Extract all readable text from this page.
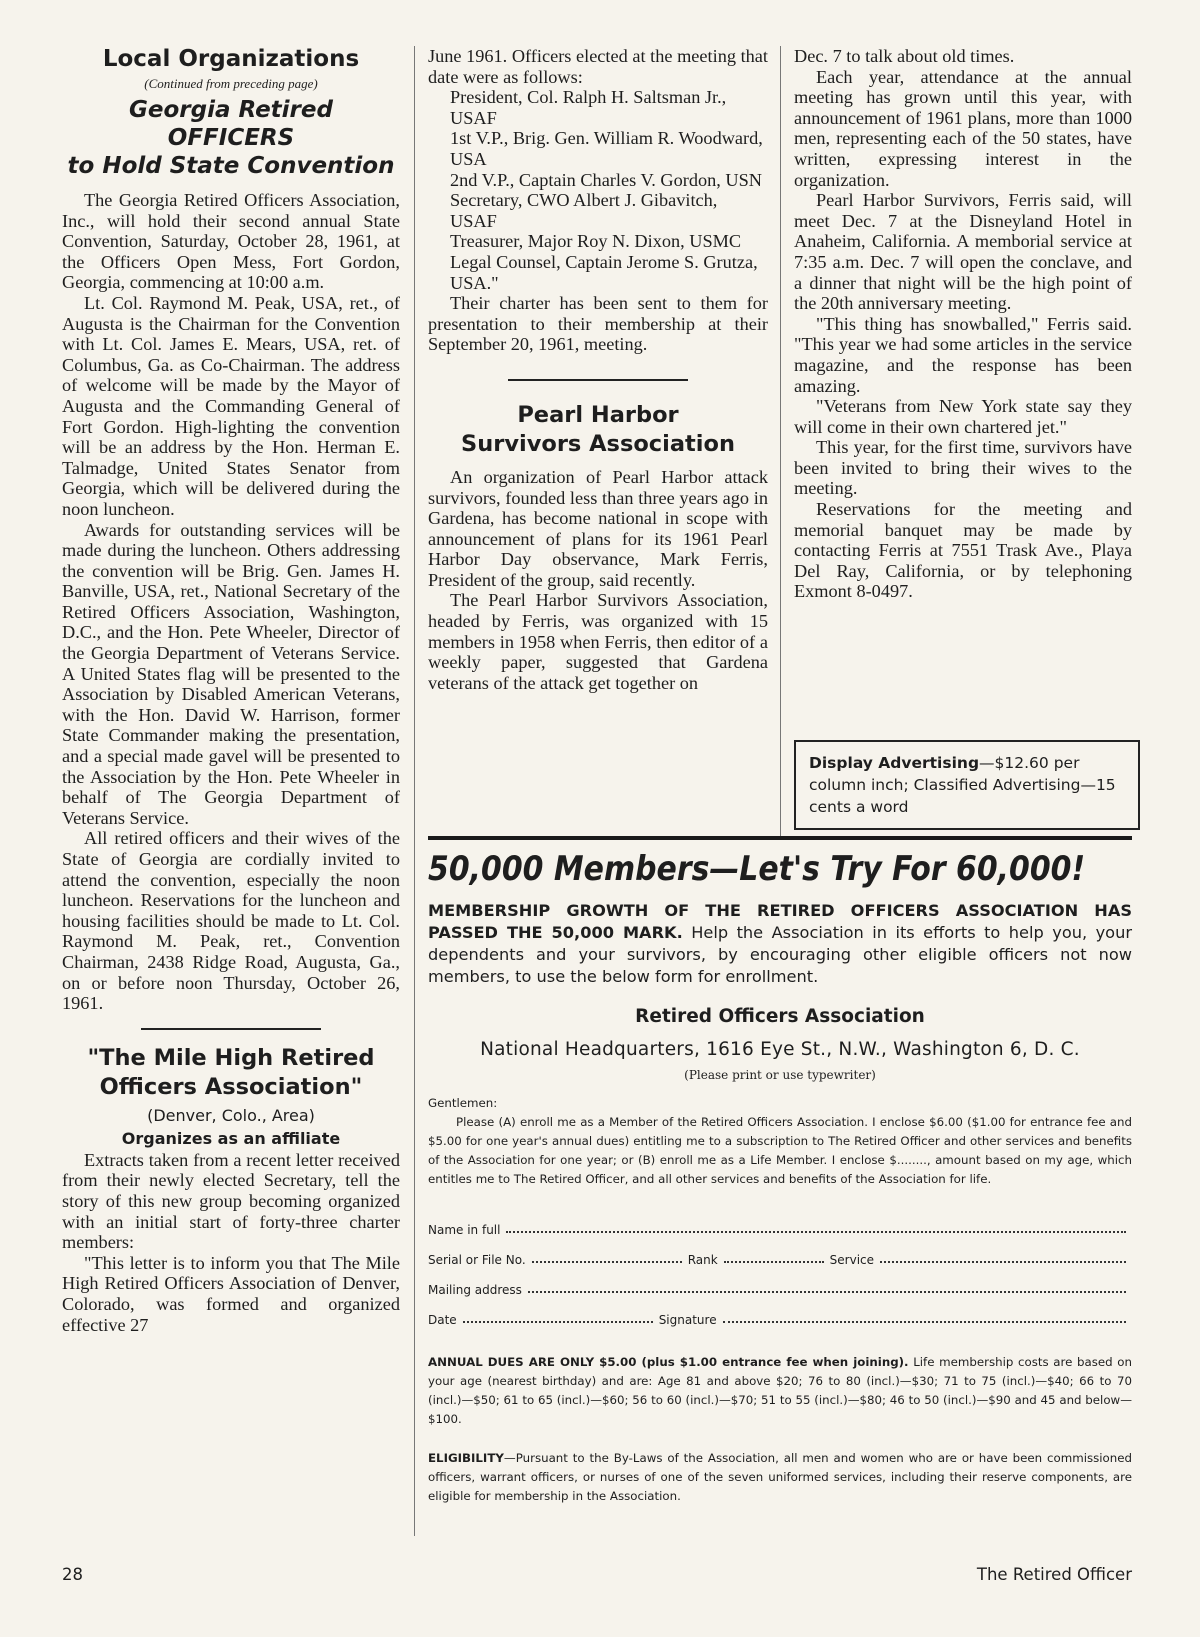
Local Organizations
(Continued from preceding page)
Georgia Retired OFFICERS
to Hold State Convention

The Georgia Retired Officers Association, Inc., will hold their second annual State Convention, Saturday, October 28, 1961, at the Officers Open Mess, Fort Gordon, Georgia, commencing at 10:00 a.m.

Lt. Col. Raymond M. Peak, USA, ret., of Augusta is the Chairman for the Convention with Lt. Col. James E. Mears, USA, ret. of Columbus, Ga. as Co-Chairman. The address of welcome will be made by the Mayor of Augusta and the Commanding General of Fort Gordon. High-lighting the convention will be an address by the Hon. Herman E. Talmadge, United States Senator from Georgia, which will be delivered during the noon luncheon.

Awards for outstanding services will be made during the luncheon. Others addressing the convention will be Brig. Gen. James H. Banville, USA, ret., National Secretary of the Retired Officers Association, Washington, D.C., and the Hon. Pete Wheeler, Director of the Georgia Department of Veterans Service. A United States flag will be presented to the Association by Disabled American Veterans, with the Hon. David W. Harrison, former State Commander making the presentation, and a special made gavel will be presented to the Association by the Hon. Pete Wheeler in behalf of The Georgia Department of Veterans Service.

All retired officers and their wives of the State of Georgia are cordially invited to attend the convention, especially the noon luncheon. Reservations for the luncheon and housing facilities should be made to Lt. Col. Raymond M. Peak, ret., Convention Chairman, 2438 Ridge Road, Augusta, Ga., on or before noon Thursday, October 26, 1961.

"The Mile High Retired
Officers Association"
(Denver, Colo., Area)
Organizes as an affiliate

Extracts taken from a recent letter received from their newly elected Secretary, tell the story of this new group becoming organized with an initial start of forty-three charter members:

"This letter is to inform you that The Mile High Retired Officers Association of Denver, Colorado, was formed and organized effective 27

June 1961. Officers elected at the meeting that date were as follows:

President, Col. Ralph H. Saltsman Jr., USAF

1st V.P., Brig. Gen. William R. Woodward, USA

2nd V.P., Captain Charles V. Gordon, USN

Secretary, CWO Albert J. Gibavitch, USAF

Treasurer, Major Roy N. Dixon, USMC

Legal Counsel, Captain Jerome S. Grutza, USA."

Their charter has been sent to them for presentation to their membership at their September 20, 1961, meeting.

Pearl Harbor
Survivors Association

An organization of Pearl Harbor attack survivors, founded less than three years ago in Gardena, has become national in scope with announcement of plans for its 1961 Pearl Harbor Day observance, Mark Ferris, President of the group, said recently.

The Pearl Harbor Survivors Association, headed by Ferris, was organized with 15 members in 1958 when Ferris, then editor of a weekly paper, suggested that Gardena veterans of the attack get together on

Dec. 7 to talk about old times.

Each year, attendance at the annual meeting has grown until this year, with announcement of 1961 plans, more than 1000 men, representing each of the 50 states, have written, expressing interest in the organization.

Pearl Harbor Survivors, Ferris said, will meet Dec. 7 at the Disneyland Hotel in Anaheim, California. A memborial service at 7:35 a.m. Dec. 7 will open the conclave, and a dinner that night will be the high point of the 20th anniversary meeting.

"This thing has snowballed," Ferris said. "This year we had some articles in the service magazine, and the response has been amazing.

"Veterans from New York state say they will come in their own chartered jet."

This year, for the first time, survivors have been invited to bring their wives to the meeting.

Reservations for the meeting and memorial banquet may be made by contacting Ferris at 7551 Trask Ave., Playa Del Ray, California, or by telephoning Exmont 8-0497.

Display Advertising—$12.60 per column inch; Classified Advertising—15 cents a word
50,000 Members—Let's Try For 60,000!

MEMBERSHIP GROWTH OF THE RETIRED OFFICERS ASSOCIATION HAS PASSED THE 50,000 MARK. Help the Association in its efforts to help you, your dependents and your survivors, by encouraging other eligible officers not now members, to use the below form for enrollment.

Retired Officers Association
National Headquarters, 1616 Eye St., N.W., Washington 6, D. C.
(Please print or use typewriter)

Gentlemen:

Please (A) enroll me as a Member of the Retired Officers Association. I enclose $6.00 ($1.00 for entrance fee and $5.00 for one year's annual dues) entitling me to a subscription to The Retired Officer and other services and benefits of the Association for one year; or (B) enroll me as a Life Member. I enclose $........, amount based on my age, which entitles me to The Retired Officer, and all other services and benefits of the Association for life.

Name in full
Serial or File No.	Rank	Service
Mailing address
Date	Signature

ANNUAL DUES ARE ONLY $5.00 (plus $1.00 entrance fee when joining). Life membership costs are based on your age (nearest birthday) and are: Age 81 and above $20; 76 to 80 (incl.)—$30; 71 to 75 (incl.)—$40; 66 to 70 (incl.)—$50; 61 to 65 (incl.)—$60; 56 to 60 (incl.)—$70; 51 to 55 (incl.)—$80; 46 to 50 (incl.)—$90 and 45 and below—$100.

ELIGIBILITY—Pursuant to the By-Laws of the Association, all men and women who are or have been commissioned officers, warrant officers, or nurses of one of the seven uniformed services, including their reserve components, are eligible for membership in the Association.

28	The Retired Officer
